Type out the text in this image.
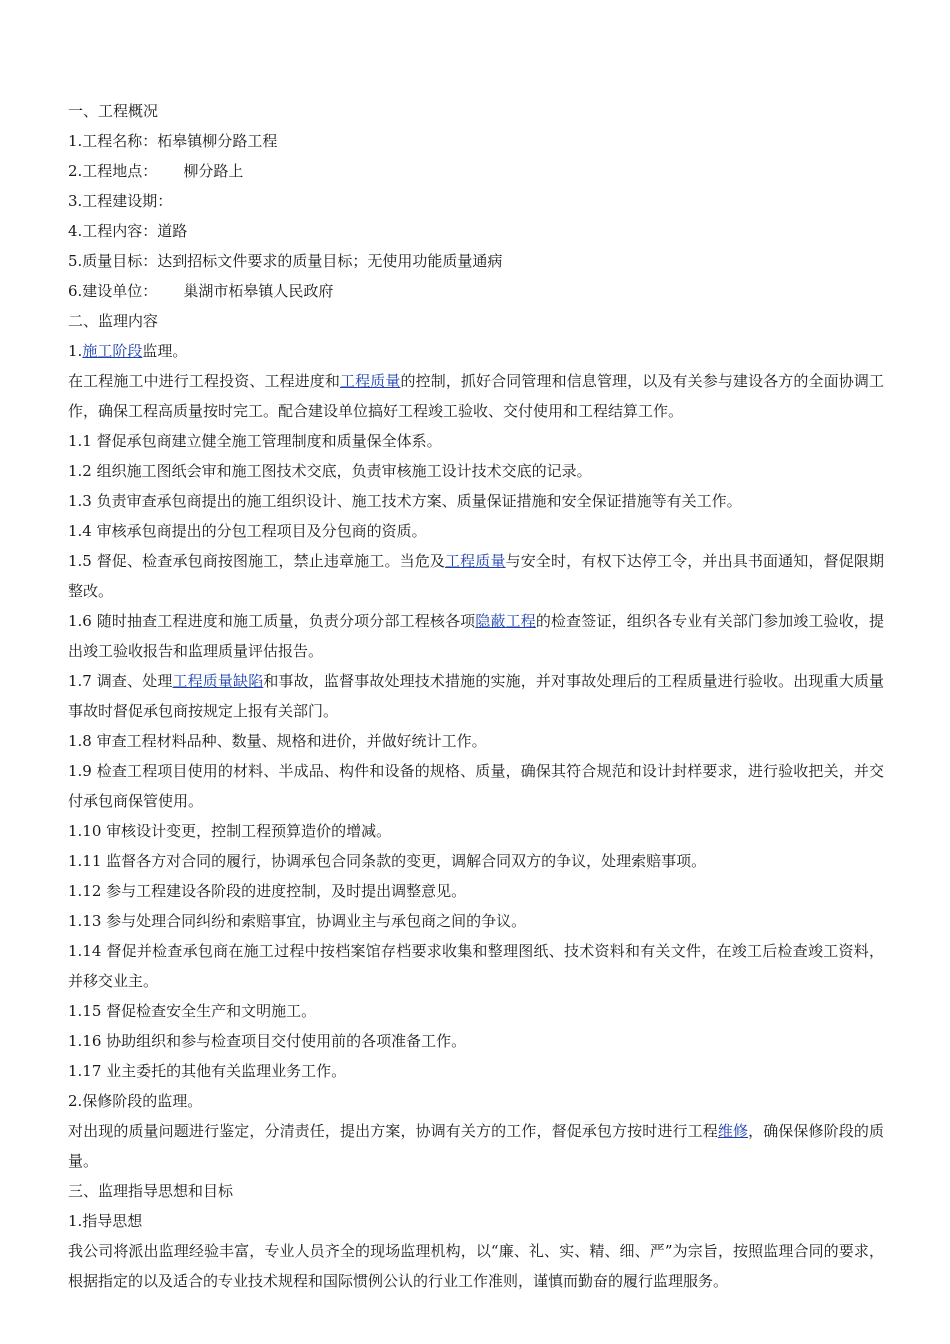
一、工程概况

1.工程名称：柘皋镇柳分路工程

2.工程地点： 柳分路上

3.工程建设期：

4.工程内容：道路

5.质量目标：达到招标文件要求的质量目标；无使用功能质量通病

6.建设单位： 巢湖市柘皋镇人民政府

二、监理内容

1.施工阶段监理。

在工程施工中进行工程投资、工程进度和工程质量的控制，抓好合同管理和信息管理，以及有关参与建设各方的全面协调工作，确保工程高质量按时完工。配合建设单位搞好工程竣工验收、交付使用和工程结算工作。

1.1 督促承包商建立健全施工管理制度和质量保全体系。

1.2 组织施工图纸会审和施工图技术交底，负责审核施工设计技术交底的记录。

1.3 负责审查承包商提出的施工组织设计、施工技术方案、质量保证措施和安全保证措施等有关工作。

1.4 审核承包商提出的分包工程项目及分包商的资质。

1.5 督促、检查承包商按图施工，禁止违章施工。当危及工程质量与安全时，有权下达停工令，并出具书面通知，督促限期整改。

1.6 随时抽查工程进度和施工质量，负责分项分部工程核各项隐蔽工程的检查签证，组织各专业有关部门参加竣工验收，提出竣工验收报告和监理质量评估报告。

1.7 调查、处理工程质量缺陷和事故，监督事故处理技术措施的实施，并对事故处理后的工程质量进行验收。出现重大质量事故时督促承包商按规定上报有关部门。

1.8 审查工程材料品种、数量、规格和进价，并做好统计工作。

1.9 检查工程项目使用的材料、半成品、构件和设备的规格、质量，确保其符合规范和设计封样要求，进行验收把关，并交付承包商保管使用。

1.10 审核设计变更，控制工程预算造价的增减。

1.11 监督各方对合同的履行，协调承包合同条款的变更，调解合同双方的争议，处理索赔事项。

1.12 参与工程建设各阶段的进度控制，及时提出调整意见。

1.13 参与处理合同纠纷和索赔事宜，协调业主与承包商之间的争议。

1.14 督促并检查承包商在施工过程中按档案馆存档要求收集和整理图纸、技术资料和有关文件，在竣工后检查竣工资料，并移交业主。

1.15 督促检查安全生产和文明施工。

1.16 协助组织和参与检查项目交付使用前的各项准备工作。

1.17 业主委托的其他有关监理业务工作。

2.保修阶段的监理。

对出现的质量问题进行鉴定，分清责任，提出方案，协调有关方的工作，督促承包方按时进行工程维修，确保保修阶段的质量。

三、监理指导思想和目标

1.指导思想

我公司将派出监理经验丰富，专业人员齐全的现场监理机构，以“廉、礼、实、精、细、严”为宗旨，按照监理合同的要求，根据指定的以及适合的专业技术规程和国际惯例公认的行业工作准则，谨慎而勤奋的履行监理服务。
